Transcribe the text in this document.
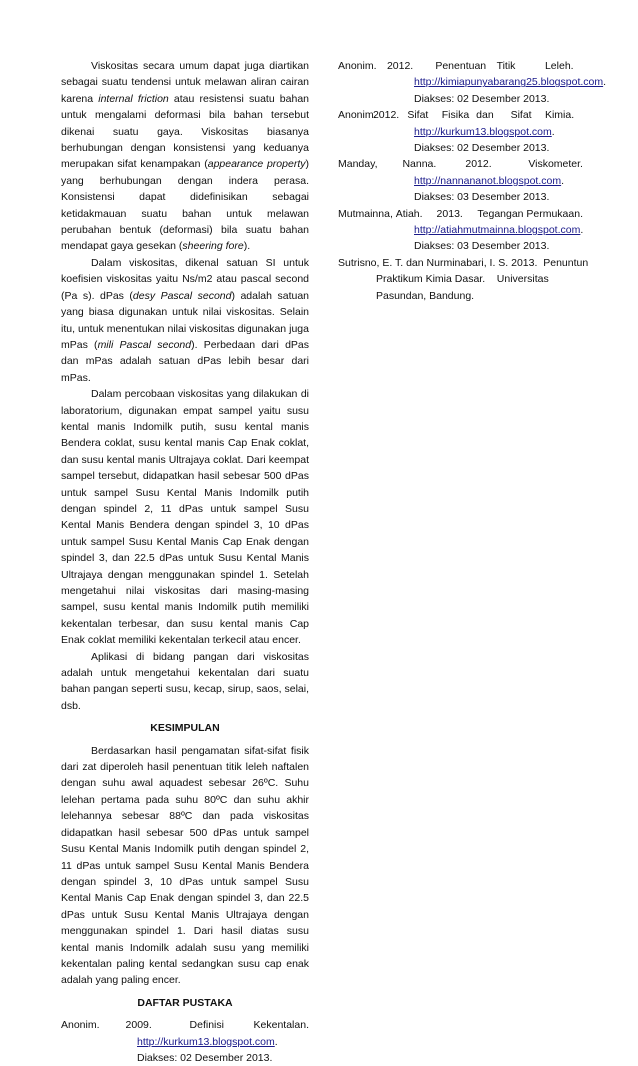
Viskositas secara umum dapat juga diartikan sebagai suatu tendensi untuk melawan aliran cairan karena internal friction atau resistensi suatu bahan untuk mengalami deformasi bila bahan tersebut dikenai suatu gaya. Viskositas biasanya berhubungan dengan konsistensi yang keduanya merupakan sifat kenampakan (appearance property) yang berhubungan dengan indera perasa. Konsistensi dapat didefinisikan sebagai ketidakmauan suatu bahan untuk melawan perubahan bentuk (deformasi) bila suatu bahan mendapat gaya gesekan (sheering fore).

Dalam viskositas, dikenal satuan SI untuk koefisien viskositas yaitu Ns/m2 atau pascal second (Pa s). dPas (desy Pascal second) adalah satuan yang biasa digunakan untuk nilai viskositas. Selain itu, untuk menentukan nilai viskositas digunakan juga mPas (mili Pascal second). Perbedaan dari dPas dan mPas adalah satuan dPas lebih besar dari mPas.

Dalam percobaan viskositas yang dilakukan di laboratorium, digunakan empat sampel yaitu susu kental manis Indomilk putih, susu kental manis Bendera coklat, susu kental manis Cap Enak coklat, dan susu kental manis Ultrajaya coklat. Dari keempat sampel tersebut, didapatkan hasil sebesar 500 dPas untuk sampel Susu Kental Manis Indomilk putih dengan spindel 2, 11 dPas untuk sampel Susu Kental Manis Bendera dengan spindel 3, 10 dPas untuk sampel Susu Kental Manis Cap Enak dengan spindel 3, dan 22.5 dPas untuk Susu Kental Manis Ultrajaya dengan menggunakan spindel 1. Setelah mengetahui nilai viskositas dari masing-masing sampel, susu kental manis Indomilk putih memiliki kekentalan terbesar, dan susu kental manis Cap Enak coklat memiliki kekentalan terkecil atau encer.

Aplikasi di bidang pangan dari viskositas adalah untuk mengetahui kekentalan dari suatu bahan pangan seperti susu, kecap, sirup, saos, selai, dsb.

KESIMPULAN

Berdasarkan hasil pengamatan sifat-sifat fisik dari zat diperoleh hasil penentuan titik leleh naftalen dengan suhu awal aquadest sebesar 26ºC. Suhu lelehan pertama pada suhu 80ºC dan suhu akhir lelehannya sebesar 88ºC dan pada viskositas didapatkan hasil sebesar 500 dPas untuk sampel Susu Kental Manis Indomilk putih dengan spindel 2, 11 dPas untuk sampel Susu Kental Manis Bendera dengan spindel 3, 10 dPas untuk sampel Susu Kental Manis Cap Enak dengan spindel 3, dan 22.5 dPas untuk Susu Kental Manis Ultrajaya dengan menggunakan spindel 1. Dari hasil diatas susu kental manis Indomilk adalah susu yang memiliki kekentalan paling kental sedangkan susu cap enak adalah yang paling encer.

DAFTAR PUSTAKA

Anonim. 2009.	Definisi	Kekentalan.
http://kurkum13.blogspot.com.
Diakses: 02 Desember 2013.
Anonim. 2012.	Penentuan Titik	Leleh.
http://kimiapunyabarang25.blogspot.com.
Diakses: 02 Desember 2013.
Anonim.
2012. Sifat	Fisika dan	Sifat	Kimia.
http://kurkum13.blogspot.com.
Diakses: 02 Desember 2013.
Manday, Nanna.	2012.	Viskometer.
http://nannananot.blogspot.com.
Diakses: 03 Desember 2013.
Mutmainna, Atiah.	2013.	Tegangan Permukaan.
http://atiahmutmainna.blogspot.com.
Diakses: 03 Desember 2013.
Sutrisno, E. T. dan Nurminabari, I. S. 2013.  Penuntun
Praktikum Kimia Dasar.    Universitas
Pasundan, Bandung.
